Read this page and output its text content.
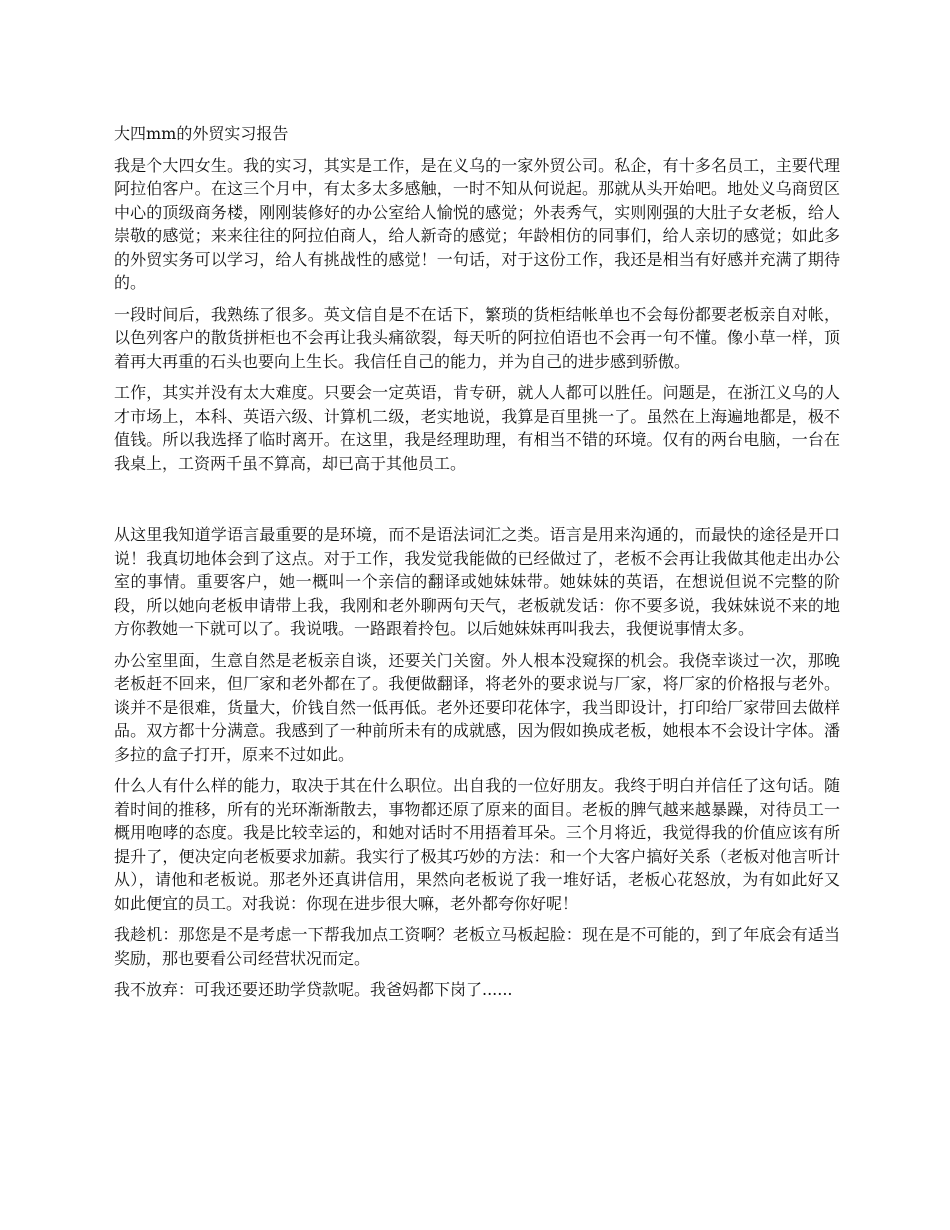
大四mm的外贸实习报告

我是个大四女生。我的实习，其实是工作，是在义乌的一家外贸公司。私企，有十多名员工，主要代理阿拉伯客户。在这三个月中，有太多太多感触，一时不知从何说起。那就从头开始吧。地处义乌商贸区中心的顶级商务楼，刚刚装修好的办公室给人愉悦的感觉；外表秀气，实则刚强的大肚子女老板，给人崇敬的感觉；来来往往的阿拉伯商人，给人新奇的感觉；年龄相仿的同事们，给人亲切的感觉；如此多的外贸实务可以学习，给人有挑战性的感觉！一句话，对于这份工作，我还是相当有好感并充满了期待的。

一段时间后，我熟练了很多。英文信自是不在话下，繁琐的货柜结帐单也不会每份都要老板亲自对帐，以色列客户的散货拼柜也不会再让我头痛欲裂，每天听的阿拉伯语也不会再一句不懂。像小草一样，顶着再大再重的石头也要向上生长。我信任自己的能力，并为自己的进步感到骄傲。

工作，其实并没有太大难度。只要会一定英语，肯专研，就人人都可以胜任。问题是，在浙江义乌的人才市场上，本科、英语六级、计算机二级，老实地说，我算是百里挑一了。虽然在上海遍地都是，极不值钱。所以我选择了临时离开。在这里，我是经理助理，有相当不错的环境。仅有的两台电脑，一台在我桌上，工资两千虽不算高，却已高于其他员工。

从这里我知道学语言最重要的是环境，而不是语法词汇之类。语言是用来沟通的，而最快的途径是开口说！我真切地体会到了这点。对于工作，我发觉我能做的已经做过了，老板不会再让我做其他走出办公室的事情。重要客户，她一概叫一个亲信的翻译或她妹妹带。她妹妹的英语，在想说但说不完整的阶段，所以她向老板申请带上我，我刚和老外聊两句天气，老板就发话：你不要多说，我妹妹说不来的地方你教她一下就可以了。我说哦。一路跟着拎包。以后她妹妹再叫我去，我便说事情太多。

办公室里面，生意自然是老板亲自谈，还要关门关窗。外人根本没窥探的机会。我侥幸谈过一次，那晚老板赶不回来，但厂家和老外都在了。我便做翻译，将老外的要求说与厂家，将厂家的价格报与老外。谈并不是很难，货量大，价钱自然一低再低。老外还要印花体字，我当即设计，打印给厂家带回去做样品。双方都十分满意。我感到了一种前所未有的成就感，因为假如换成老板，她根本不会设计字体。潘多拉的盒子打开，原来不过如此。

什么人有什么样的能力，取决于其在什么职位。出自我的一位好朋友。我终于明白并信任了这句话。随着时间的推移，所有的光环渐渐散去，事物都还原了原来的面目。老板的脾气越来越暴躁，对待员工一概用咆哮的态度。我是比较幸运的，和她对话时不用捂着耳朵。三个月将近，我觉得我的价值应该有所提升了，便决定向老板要求加薪。我实行了极其巧妙的方法：和一个大客户搞好关系（老板对他言听计从），请他和老板说。那老外还真讲信用，果然向老板说了我一堆好话，老板心花怒放，为有如此好又如此便宜的员工。对我说：你现在进步很大嘛，老外都夸你好呢！

我趁机：那您是不是考虑一下帮我加点工资啊？老板立马板起脸：现在是不可能的，到了年底会有适当奖励，那也要看公司经营状况而定。

我不放弃：可我还要还助学贷款呢。我爸妈都下岗了......
